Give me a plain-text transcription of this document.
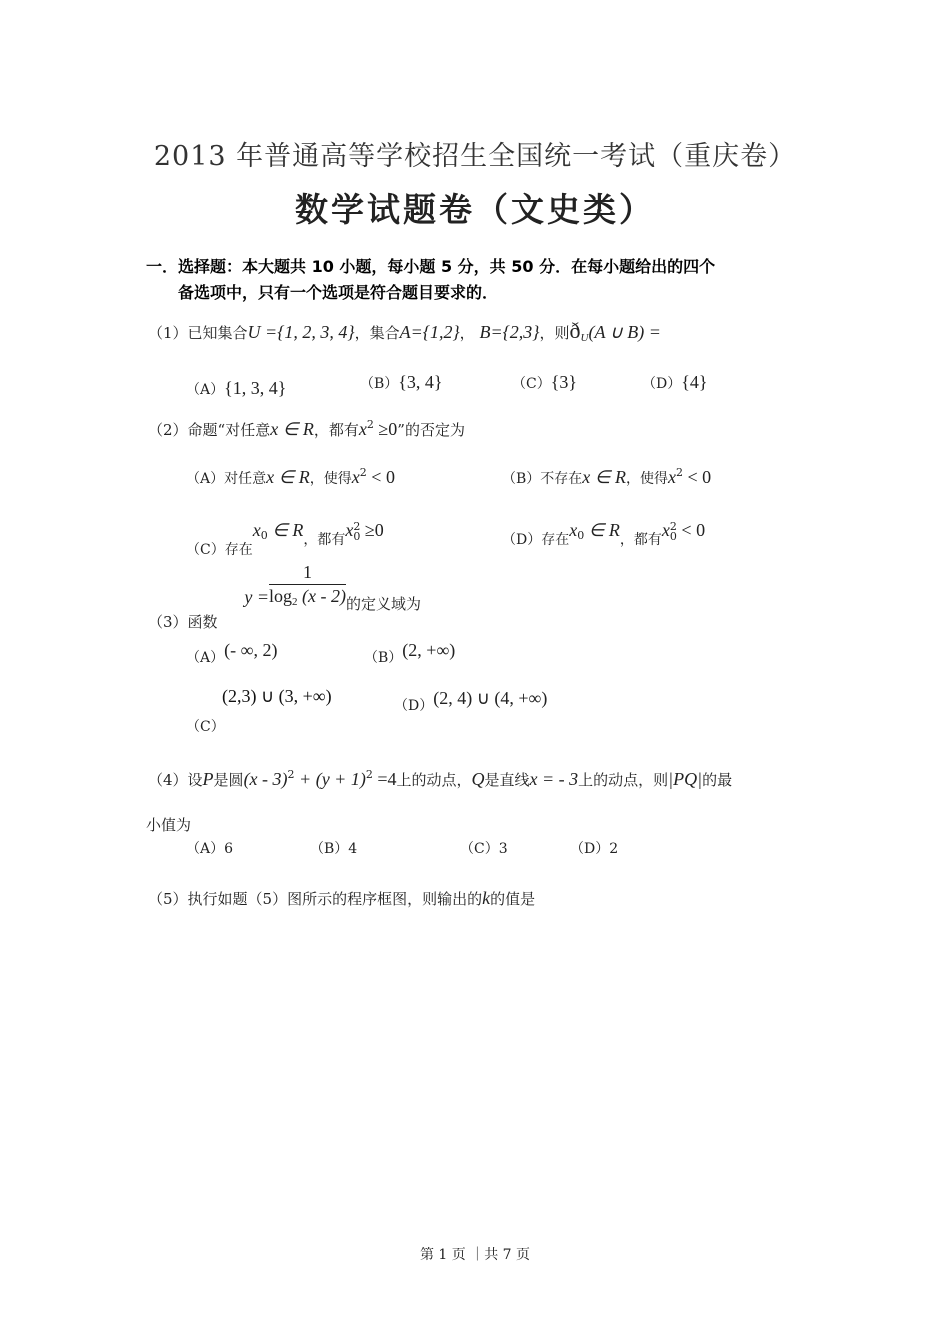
2013 年普通高等学校招生全国统一考试（重庆卷）
数学试题卷（文史类）
一．选择题：本大题共 10 小题，每小题 5 分，共 50 分．在每小题给出的四个
备选项中，只有一个选项是符合题目要求的．
（1）已知集合U ={1, 2, 3, 4}，集合A={1,2}， B={2,3}，则$ð_U(A$ ∪ B) =
（A）{1, 3, 4}	（B）{3, 4}	（C）{3}	（D）{4}
（2）命题“对任意x ∈ R，都有$x^2 \ge 0$”的否定为
（A）对任意x ∈ R，使得$x^2 < 0$	（B）不存在x ∈ R，使得$x^2 < 0$
（C）存在$x_0$ ∈ R，都有x 2
0 ≥0	（D）存在$x_0$ ∈ R，都有x 2
0 < 0
（3）函数 $y = \frac{1}{\log_2 (x - 2)}$ 的定义域为
（A）(- ∞, 2)	（B）(2, +∞)
(2,3) ∪ (3, +∞)
（C）
（D）(2, 4) ∪ (4, +∞)
（4）设P是圆$(x - 3)^2 + (y + 1)^2 =4$上的动点，Q是直线x = - 3上的动点，则|PQ|的最
小值为
（A）6	（B）4	（C）3	（D）2
（5）执行如题（5）图所示的程序框图，则输出的k的值是
第 1 页 ｜共 7 页
